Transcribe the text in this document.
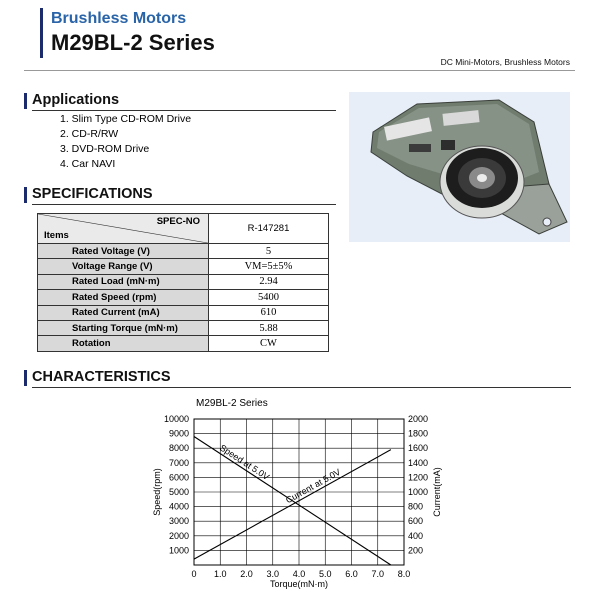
Brushless Motors
M29BL-2 Series
DC Mini-Motors, Brushless Motors
Applications
1. Slim Type CD-ROM Drive
2. CD-R/RW
3. DVD-ROM Drive
4. Car NAVI
SPECIFICATIONS
SPEC-NO
Items	R-147281
Rated Voltage (V)	5
Voltage Range (V)	VM=5±5%
Rated Load (mN·m)	2.94
Rated Speed (rpm)	5400
Rated Current (mA)	610
Starting Torque (mN·m)	5.88
Rotation	CW
CHARACTERISTICS
M29BL-2 Series
0 1.0 2.0 3.0 4.0 5.0 6.0 7.0 8.0
1000
2000
3000
4000
5000
6000
7000
8000
9000
10000
200
400
600
800
1000
1200
1400
1600
1800
2000
Torque(mN·m)
Speed(rpm)	Current(mA)
Speed at 5.0V
Current at 5.0V
